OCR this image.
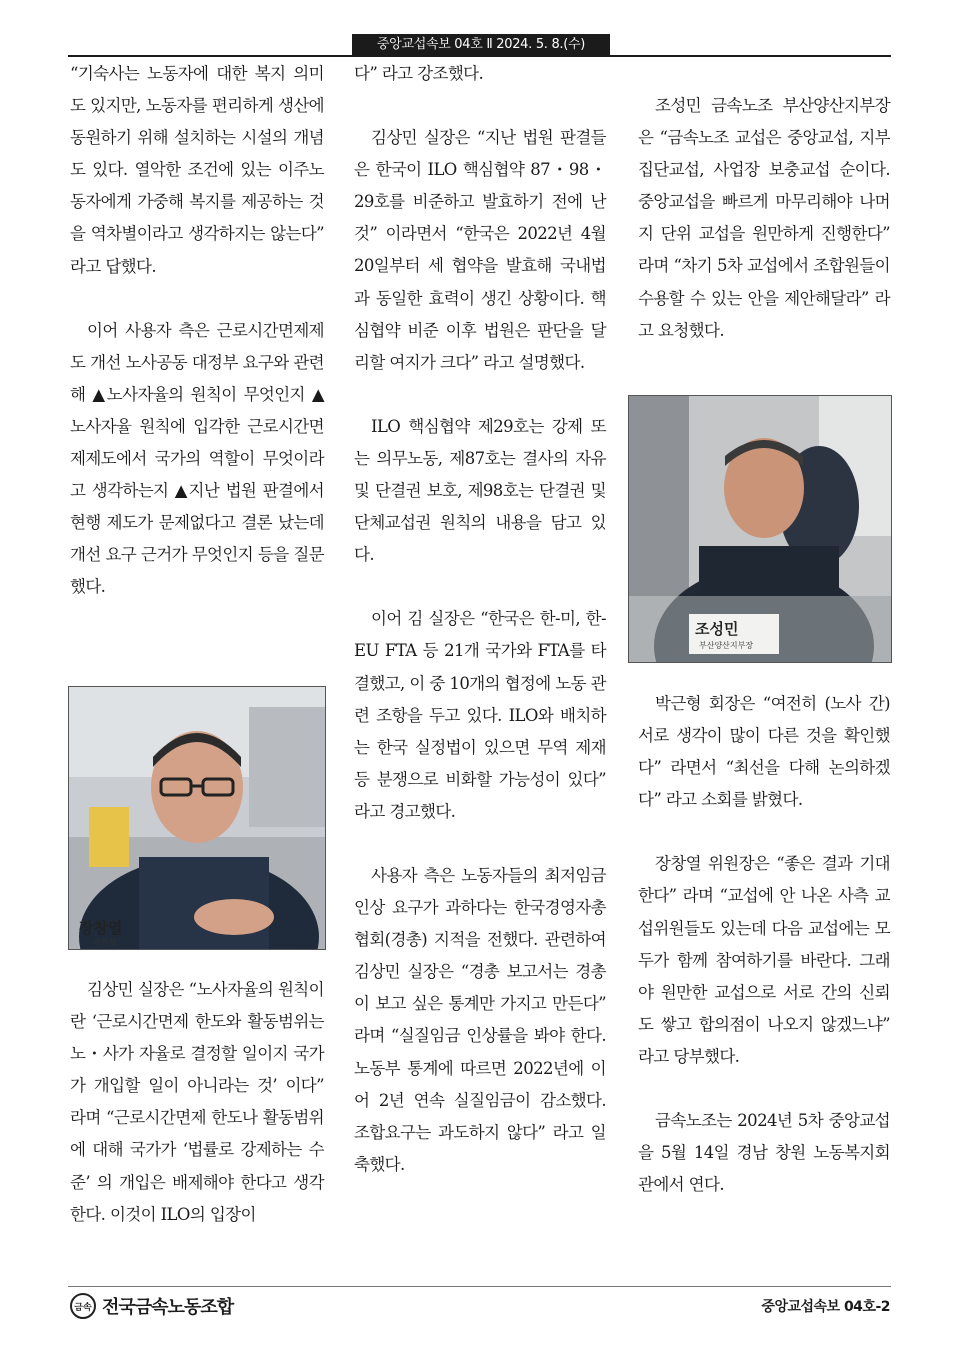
중앙교섭속보 04호 Ⅱ 2024. 5. 8.(수)

“기숙사는 노동자에 대한 복지 의미도 있지만, 노동자를 편리하게 생산에 동원하기 위해 설치하는 시설의 개념도 있다. 열악한 조건에 있는 이주노동자에게 가중해 복지를 제공하는 것을 역차별이라고 생각하지는 않는다” 라고 답했다.

이어 사용자 측은 근로시간면제제도 개선 노사공동 대정부 요구와 관련해 ▲노사자율의 원칙이 무엇인지 ▲노사자율 원칙에 입각한 근로시간면제제도에서 국가의 역할이 무엇이라고 생각하는지 ▲지난 법원 판결에서 현행 제도가 문제없다고 결론 났는데 개선 요구 근거가 무엇인지 등을 질문했다.

장창열
위원장

김상민 실장은 “노사자율의 원칙이란 ‘근로시간면제 한도와 활동범위는 노・사가 자율로 결정할 일이지 국가가 개입할 일이 아니라는 것’ 이다” 라며 “근로시간면제 한도나 활동범위에 대해 국가가 ‘법률로 강제하는 수준’ 의 개입은 배제해야 한다고 생각한다. 이것이 ILO의 입장이

다” 라고 강조했다.

김상민 실장은 “지난 법원 판결들은 한국이 ILO 핵심협약 87・98・29호를 비준하고 발효하기 전에 난 것” 이라면서 “한국은 2022년 4월 20일부터 세 협약을 발효해 국내법과 동일한 효력이 생긴 상황이다. 핵심협약 비준 이후 법원은 판단을 달리할 여지가 크다” 라고 설명했다.

ILO 핵심협약 제29호는 강제 또는 의무노동, 제87호는 결사의 자유 및 단결권 보호, 제98호는 단결권 및 단체교섭권 원칙의 내용을 담고 있다.

이어 김 실장은 “한국은 한-미, 한-EU FTA 등 21개 국가와 FTA를 타결했고, 이 중 10개의 협정에 노동 관련 조항을 두고 있다. ILO와 배치하는 한국 실정법이 있으면 무역 제재 등 분쟁으로 비화할 가능성이 있다” 라고 경고했다.

사용자 측은 노동자들의 최저임금 인상 요구가 과하다는 한국경영자총협회(경총) 지적을 전했다. 관련하여 김상민 실장은 “경총 보고서는 경총이 보고 싶은 통계만 가지고 만든다” 라며 “실질임금 인상률을 봐야 한다. 노동부 통계에 따르면 2022년에 이어 2년 연속 실질임금이 감소했다. 조합요구는 과도하지 않다” 라고 일축했다.

조성민 금속노조 부산양산지부장은 “금속노조 교섭은 중앙교섭, 지부집단교섭, 사업장 보충교섭 순이다. 중앙교섭을 빠르게 마무리해야 나머지 단위 교섭을 원만하게 진행한다” 라며 “차기 5차 교섭에서 조합원들이 수용할 수 있는 안을 제안해달라” 라고 요청했다.

조성민
부산양산지부장

박근형 회장은 “여전히 (노사 간) 서로 생각이 많이 다른 것을 확인했다” 라면서 “최선을 다해 논의하겠다” 라고 소회를 밝혔다.

장창열 위원장은 “좋은 결과 기대한다” 라며 “교섭에 안 나온 사측 교섭위원들도 있는데 다음 교섭에는 모두가 함께 참여하기를 바란다. 그래야 원만한 교섭으로 서로 간의 신뢰도 쌓고 합의점이 나오지 않겠느냐” 라고 당부했다.

금속노조는 2024년 5차 중앙교섭을 5월 14일 경남 창원 노동복지회관에서 연다.

금속 전국금속노동조합	중앙교섭속보 04호-2
